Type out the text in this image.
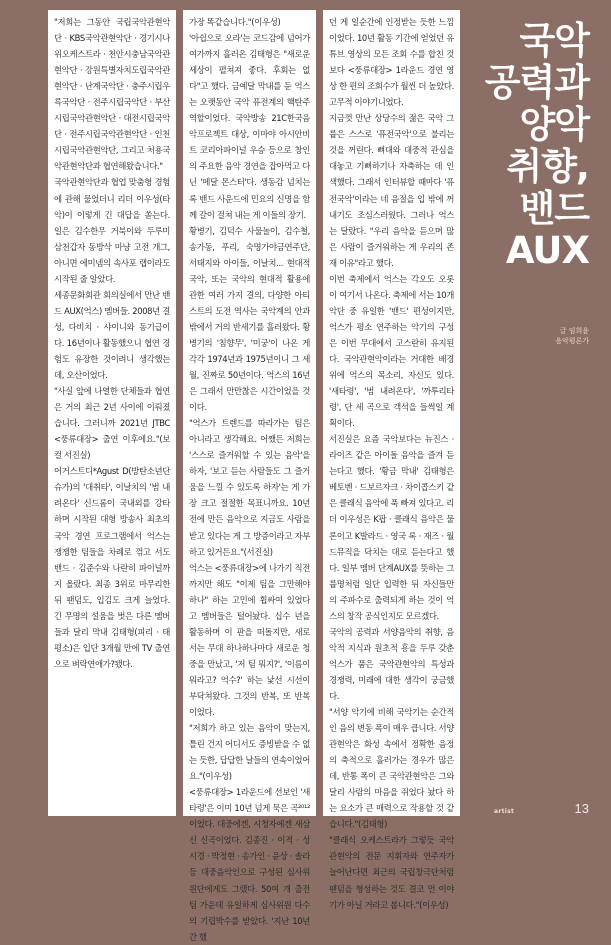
"저희는 그동안 국립국악관현악단 · KBS국악관현악단 · 경기시나위오케스트라 · 천안시충남국악관현악단 · 강원특별자치도립국악관현악단 · 난계국악단 · 충주시립우륵국악단 · 전주시립국악단 · 부산시립국악관현악단 · 대전시립국악단 · 전주시립국악관현악단 · 인천시립국악관현악단, 그리고 처용국악관현악단과 협연해왔습니다."

국악관현악단과 협업 맞춤형 경험에 관해 물었더니 리더 이우성(타악)이 이렇게 긴 대답을 쏟는다. 일은 김수한무 거북이와 두루미 삼천갑자 동방삭 마냥 고전 개그, 아니면 에미넴의 속사포 랩이라도 시작된 줄 알았다.

세종문화회관 회의실에서 만난 밴드 AUX(억스) 멤버들. 2008년 결성, 다비치 · 샤이니와 동기급이다. 16년이나 활동했으니 협연 경험도 유장한 것이려니 생각했는데, 오산이었다.

"사실 앞에 나열한 단체들과 협연은 거의 최근 2년 사이에 이뤄졌습니다. 그러니까 2021년 JTBC <풍류대장> 출연 이후에요."(보컬 서진실)

어거스트디*Agust D(방탄소년단 슈가)의 '대취타', 이날치의 '범 내려온다' 신드롬이 국내외를 강타하며 시작된 대형 방송사 최초의 국악 경연 프로그램에서 억스는 쟁쟁한 팀들을 차례로 꺾고 서도밴드 · 김준수와 나란히 파이널까지 올랐다. 최종 3위로 마무리한 뒤 팬덤도, 입김도 크게 늘었다. 긴 무명의 설움을 벗은 다른 멤버들과 달리 막내 김태형(피리 · 태평소)은 입단 3개월 만에 TV 출연으로 벼락연애가?됐다.

가장 똑같습니다."(이우성)

'아쉽으로 오라'는 코드감에 넘어가 여가까지 흘러온 김태형은 "새로운 세상이 펼쳐져 좋다. 후회는 없다"고 했다. 금예달 막내를 둔 억스는 오랫동안 국악 퓨전계의 핵탄주 역할이었다. 국악방송 21C한국음악프로젝트 대상, 이마야 아시안비트 코리아파이널 우승 등으로 창인의 주요한 음악 경연을 잡아먹고 다닌 '메달 몬스터'다. 생동감 넘치는 록 밴드 사운드에 민요의 신명을 함께 갈이 걸쳐 내는 게 이들의 장기.

황병기, 김덕수 사물놀이, 김수철, 송가동, 푸리, 숙명가야금연주단, 서태지와 아이들, 이날치... 현대적 국악, 또는 국악의 현대적 활용에 관한 여러 가지 결의, 다양한 아티스트의 도전 역사는 국악계의 안과 밖에서 거의 반세기를 흘러왔다. 황병기의 '침향무', '미궁'이 나온 게 각각 1974년과 1975년이니 그 세월, 진짜로 50년이다. 억스의 16년은 그래서 만만찮은 시간이었을 것이다.

"억스가 트렌드를 따라가는 팀은 아니라고 생각해요. 어쨌든 저희는 '스스로 즐거워할 수 있는 음악'을 하자, '보고 듣는 사람들도 그 즐거움을 느낄 수 있도록 하자'는 게 가장 크고 절절한 목표니까요. 10년 전에 만든 음악으로 지금도 사람을 받고 있다는 게 그 방증이라고 자부하고 있거든요."(서진실)

억스는 <풍류대장>에 나가기 직전까지만 해도 "이제 팀을 그만해야 하나" 하는 고민에 휩싸여 있었다고 멤버들은 털어놨다. 십수 년을 활동하며 이 판을 떠돌지만, 새로 서는 무대 하나하나마다 새로운 청중을 만났고, '저 팀 뭐지?', '이름이 뭐라고? 억수?' 하는 낯선 시선이 부닥쳐왔다. 그것의 반복, 또 반복이었다.

"저희가 하고 있는 음악이 맞는지, 틀린 건지 어디서도 증빙받을 수 없는 듯한, 답답한 날들의 연속이었어요."(이우성)

<풍류대장> 1라운드에 선보인 '새타령'은 이미 10년 넘게 묵은 곡²⁰¹²이었다. 대중에겐, 시청자에겐 새삼신 신곡이었다. 김종진 · 이적 · 성시경 · 박정현 · 송가인 · 윤상 · 솔라 등 대중음악인으로 구성된 심사위원단에게도 그랬다. 50여 개 출전팀 가운데 유일하게 심사위원 다수의 기립박수를 받았다. '지난 10년간 했

던 게 일순간에 인정받는 듯한 느낌이었다. 10년 활동 기간에 얻었던 유튜브 영상의 모든 조회 수를 합친 것보다 <풍류대장> 1라운드 경연 영상 한 편의 조회수가 월씬 더 높았다. 고무적 이야기니었다.

지금껏 만난 상당수의 젊은 국악 그룹은 스스로 '퓨전국악'으로 불리는 것을 꺼린다. 뼈대와 대중적 관심을 대놓고 기뻐하기나 자축하는 데 인색했다. 그래서 인터뷰할 때마다 '퓨전국악'이라는 네 음절을 입 밖에 꺼내기도 조심스러웠다. 그러나 억스는 달랐다. "우리 음악을 듣으며 많은 사람이 즐거워하는 게 우리의 존재 이유"라고 했다.

이번 축제에서 억스는 각오도 오롯이 여기서 나온다. 축제에 서는 10개 악단 중 유일한 '밴드' 편성이지만, 억스가 평소 연주하는 악기의 구성은 이번 무대에서 고스란히 유지된다. 국악관현악이라는 거대한 배경 위에 억스의 목소리, 자신도 있다. '새타령', '범 내려온다', '까투리타령', 단 세 곡으로 객석을 들썩일 계획이다.

서진실은 요즘 국악보다는 뉴진스 · 라이즈 같은 아이돌 음악을 즐겨 듣는다고 했다. '황금 막내' 김태형은 베토벤 · 드보르자크 · 차이콥스키 같은 클래식 음악에 푹 빠져 있다고. 리더 이우성은 K팝 · 클래식 음악은 물론이고 K발라드 · 영국 록 · 재즈 · 월드뮤직을 닥치는 대로 듣는다고 했다. 일부 멤버 단계AUX를 뜻하는 그룹명처럼 일단 입력한 뒤 자신들만의 주파수로 출력되게 하는 것이 억스의 창작 공식인지도 모르겠다.

국악의 공력과 서양음악의 취향, 음악적 지식과 원초적 흥을 두루 갖춘 억스가 품은 국악관현악의 특성과 경쟁력, 미래에 대한 생각이 궁금했다.

"서양 악기에 비해 국악기는 순간적인 음의 변동 폭이 매우 큽니다. 서양 관현악은 화성 속에서 정확한 음정의 축적으로 흘러가는 경우가 많은데, 반통 폭이 큰 국악관현악은 그와 달리 사람의 마음을 쥐었다 놨다 하는 요소가 큰 매력으로 작용할 것 같습니다."(김태형)

"클래식 오케스트라가 그렇듯 국악관현악의 전문 지휘자와 연주자가 늘어난다면 최근의 국립창극단처럼 팬덤을 형성하는 것도 결코 먼 이야기가 아닐 거라고 봅니다."(이우성)

국악
공력과
양악
취향,
밴드
AUX
글 임희윤
음악평론가
artist	13
